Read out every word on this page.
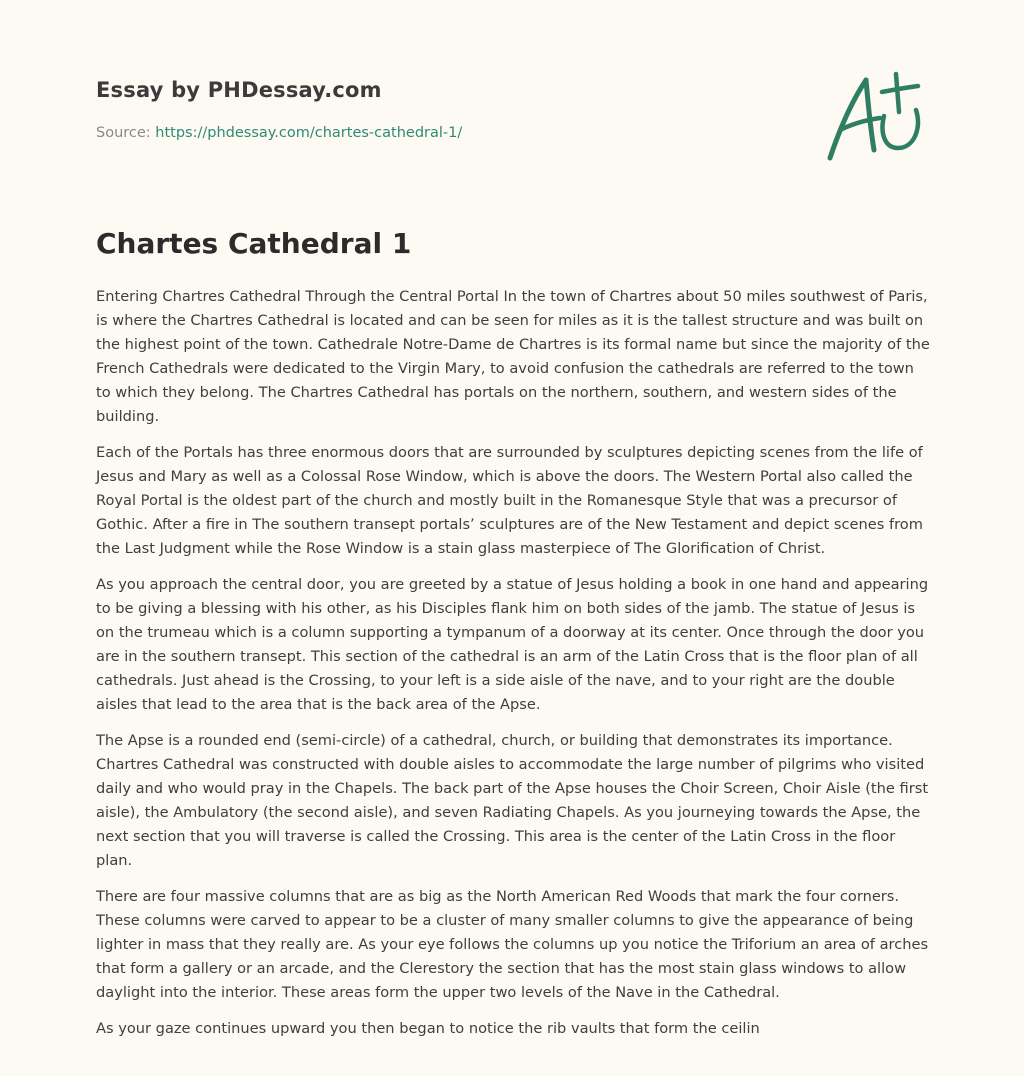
Essay by PHDessay.com
Source: https://phdessay.com/chartes-cathedral-1/
Chartes Cathedral 1

Entering Chartres Cathedral Through the Central Portal In the town of Chartres about 50 miles southwest of Paris, is where the Chartres Cathedral is located and can be seen for miles as it is the tallest structure and was built on the highest point of the town. Cathedrale Notre-Dame de Chartres is its formal name but since the majority of the French Cathedrals were dedicated to the Virgin Mary, to avoid confusion the cathedrals are referred to the town to which they belong. The Chartres Cathedral has portals on the northern, southern, and western sides of the building.

Each of the Portals has three enormous doors that are surrounded by sculptures depicting scenes from the life of Jesus and Mary as well as a Colossal Rose Window, which is above the doors. The Western Portal also called the Royal Portal is the oldest part of the church and mostly built in the Romanesque Style that was a precursor of Gothic. After a fire in The southern transept portals’ sculptures are of the New Testament and depict scenes from the Last Judgment while the Rose Window is a stain glass masterpiece of The Glorification of Christ.

As you approach the central door, you are greeted by a statue of Jesus holding a book in one hand and appearing to be giving a blessing with his other, as his Disciples flank him on both sides of the jamb. The statue of Jesus is on the trumeau which is a column supporting a tympanum of a doorway at its center. Once through the door you are in the southern transept. This section of the cathedral is an arm of the Latin Cross that is the floor plan of all cathedrals. Just ahead is the Crossing, to your left is a side aisle of the nave, and to your right are the double aisles that lead to the area that is the back area of the Apse.

The Apse is a rounded end (semi-circle) of a cathedral, church, or building that demonstrates its importance. Chartres Cathedral was constructed with double aisles to accommodate the large number of pilgrims who visited daily and who would pray in the Chapels. The back part of the Apse houses the Choir Screen, Choir Aisle (the first aisle), the Ambulatory (the second aisle), and seven Radiating Chapels. As you journeying towards the Apse, the next section that you will traverse is called the Crossing. This area is the center of the Latin Cross in the floor plan.

There are four massive columns that are as big as the North American Red Woods that mark the four corners. These columns were carved to appear to be a cluster of many smaller columns to give the appearance of being lighter in mass that they really are. As your eye follows the columns up you notice the Triforium an area of arches that form a gallery or an arcade, and the Clerestory the section that has the most stain glass windows to allow daylight into the interior. These areas form the upper two levels of the Nave in the Cathedral.

As your gaze continues upward you then began to notice the rib vaults that form the ceilin
